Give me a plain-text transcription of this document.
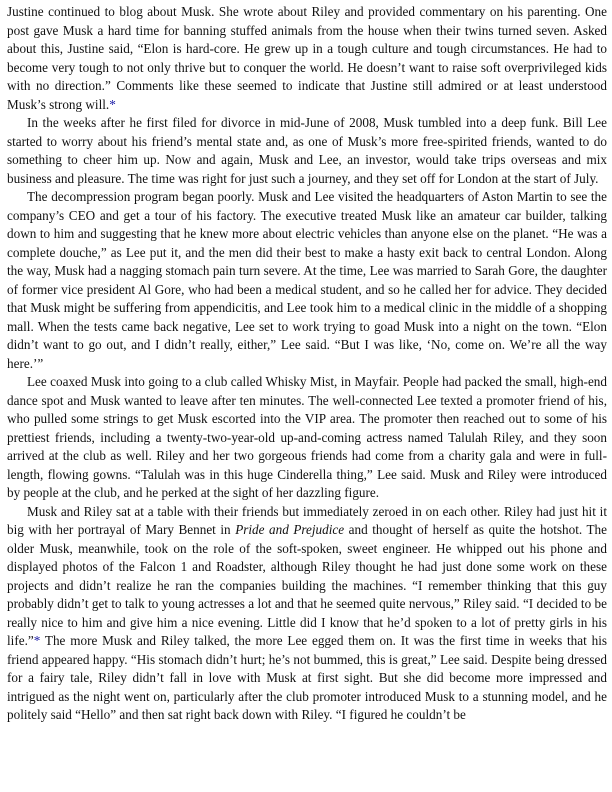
Justine continued to blog about Musk. She wrote about Riley and provided commentary on his parenting. One post gave Musk a hard time for banning stuffed animals from the house when their twins turned seven. Asked about this, Justine said, “Elon is hard-core. He grew up in a tough culture and tough circumstances. He had to become very tough to not only thrive but to conquer the world. He doesn’t want to raise soft overprivileged kids with no direction.” Comments like these seemed to indicate that Justine still admired or at least understood Musk’s strong will.*

In the weeks after he first filed for divorce in mid-June of 2008, Musk tumbled into a deep funk. Bill Lee started to worry about his friend’s mental state and, as one of Musk’s more free-spirited friends, wanted to do something to cheer him up. Now and again, Musk and Lee, an investor, would take trips overseas and mix business and pleasure. The time was right for just such a journey, and they set off for London at the start of July.

The decompression program began poorly. Musk and Lee visited the headquarters of Aston Martin to see the company’s CEO and get a tour of his factory. The executive treated Musk like an amateur car builder, talking down to him and suggesting that he knew more about electric vehicles than anyone else on the planet. “He was a complete douche,” as Lee put it, and the men did their best to make a hasty exit back to central London. Along the way, Musk had a nagging stomach pain turn severe. At the time, Lee was married to Sarah Gore, the daughter of former vice president Al Gore, who had been a medical student, and so he called her for advice. They decided that Musk might be suffering from appendicitis, and Lee took him to a medical clinic in the middle of a shopping mall. When the tests came back negative, Lee set to work trying to goad Musk into a night on the town. “Elon didn’t want to go out, and I didn’t really, either,” Lee said. “But I was like, ‘No, come on. We’re all the way here.’”

Lee coaxed Musk into going to a club called Whisky Mist, in Mayfair. People had packed the small, high-end dance spot and Musk wanted to leave after ten minutes. The well-connected Lee texted a promoter friend of his, who pulled some strings to get Musk escorted into the VIP area. The promoter then reached out to some of his prettiest friends, including a twenty-two-year-old up-and-coming actress named Talulah Riley, and they soon arrived at the club as well. Riley and her two gorgeous friends had come from a charity gala and were in full-length, flowing gowns. “Talulah was in this huge Cinderella thing,” Lee said. Musk and Riley were introduced by people at the club, and he perked at the sight of her dazzling figure.

Musk and Riley sat at a table with their friends but immediately zeroed in on each other. Riley had just hit it big with her portrayal of Mary Bennet in Pride and Prejudice and thought of herself as quite the hotshot. The older Musk, meanwhile, took on the role of the soft-spoken, sweet engineer. He whipped out his phone and displayed photos of the Falcon 1 and Roadster, although Riley thought he had just done some work on these projects and didn’t realize he ran the companies building the machines. “I remember thinking that this guy probably didn’t get to talk to young actresses a lot and that he seemed quite nervous,” Riley said. “I decided to be really nice to him and give him a nice evening. Little did I know that he’d spoken to a lot of pretty girls in his life.”* The more Musk and Riley talked, the more Lee egged them on. It was the first time in weeks that his friend appeared happy. “His stomach didn’t hurt; he’s not bummed, this is great,” Lee said. Despite being dressed for a fairy tale, Riley didn’t fall in love with Musk at first sight. But she did become more impressed and intrigued as the night went on, particularly after the club promoter introduced Musk to a stunning model, and he politely said “Hello” and then sat right back down with Riley. “I figured he couldn’t be
